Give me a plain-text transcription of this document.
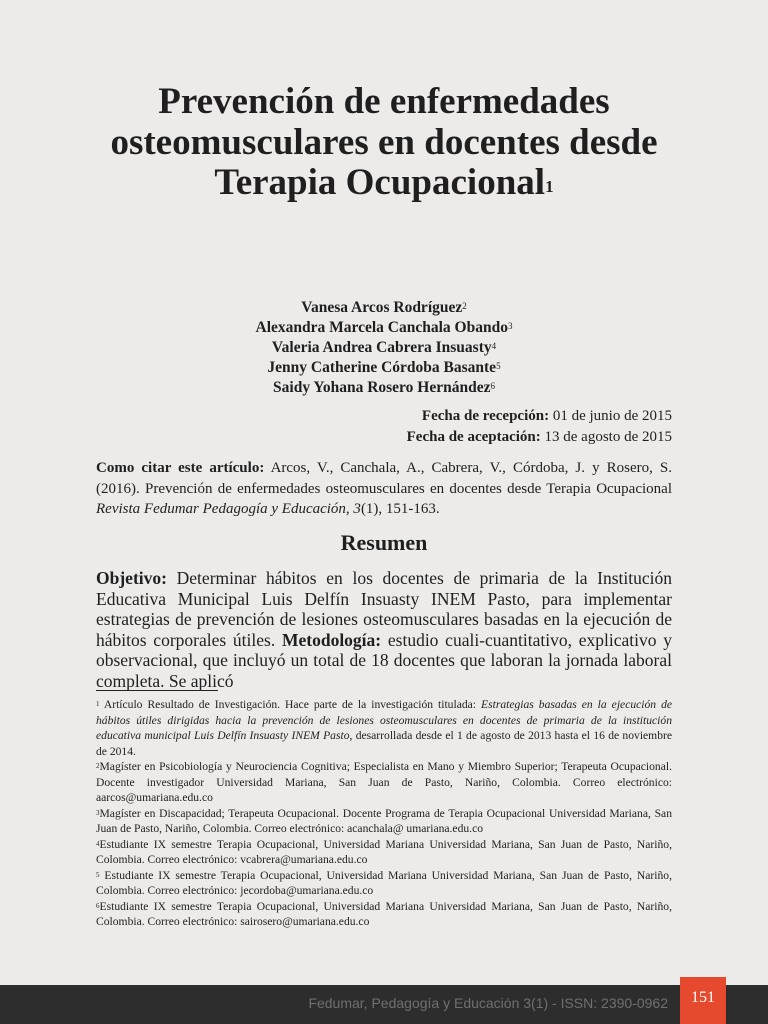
Prevención de enfermedades osteomusculares en docentes desde Terapia Ocupacional$^1$
Vanesa Arcos Rodríguez$^2$
Alexandra Marcela Canchala Obando$^3$
Valeria Andrea Cabrera Insuasty$^4$
Jenny Catherine Córdoba Basante$^5$
Saidy Yohana Rosero Hernández$^6$
Fecha de recepción: 01 de junio de 2015
Fecha de aceptación: 13 de agosto de 2015
Como citar este artículo: Arcos, V., Canchala, A., Cabrera, V., Córdoba, J. y Rosero, S. (2016). Prevención de enfermedades osteomusculares en docentes desde Terapia Ocupacional Revista Fedumar Pedagogía y Educación, 3(1), 151-163.
Resumen
Objetivo: Determinar hábitos en los docentes de primaria de la Institución Educativa Municipal Luis Delfín Insuasty INEM Pasto, para implementar estrategias de prevención de lesiones osteomusculares basadas en la ejecución de hábitos corporales útiles. Metodología: estudio cuali-cuantitativo, explicativo y observacional, que incluyó un total de 18 docentes que laboran la jornada laboral completa. Se aplicó

$^1$ Artículo Resultado de Investigación. Hace parte de la investigación titulada: Estrategias basadas en la ejecución de hábitos útiles dirigidas hacia la prevención de lesiones osteomusculares en docentes de primaria de la institución educativa municipal Luis Delfín Insuasty INEM Pasto, desarrollada desde el 1 de agosto de 2013 hasta el 16 de noviembre de 2014.

$^2$Magíster en Psicobiología y Neurociencia Cognitiva; Especialista en Mano y Miembro Superior; Terapeuta Ocupacional. Docente investigador Universidad Mariana, San Juan de Pasto, Nariño, Colombia. Correo electrónico: aarcos@umariana.edu.co

$^3$Magíster en Discapacidad; Terapeuta Ocupacional. Docente Programa de Terapia Ocupacional Universidad Mariana, San Juan de Pasto, Nariño, Colombia. Correo electrónico: acanchala@ umariana.edu.co

$^4$Estudiante IX semestre Terapia Ocupacional, Universidad Mariana Universidad Mariana, San Juan de Pasto, Nariño, Colombia. Correo electrónico: vcabrera@umariana.edu.co

$^5$ Estudiante IX semestre Terapia Ocupacional, Universidad Mariana Universidad Mariana, San Juan de Pasto, Nariño, Colombia. Correo electrónico: jecordoba@umariana.edu.co

$^6$Estudiante IX semestre Terapia Ocupacional, Universidad Mariana Universidad Mariana, San Juan de Pasto, Nariño, Colombia. Correo electrónico: sairosero@umariana.edu.co

Fedumar, Pedagogía y Educación 3(1) - ISSN: 2390-0962	151
